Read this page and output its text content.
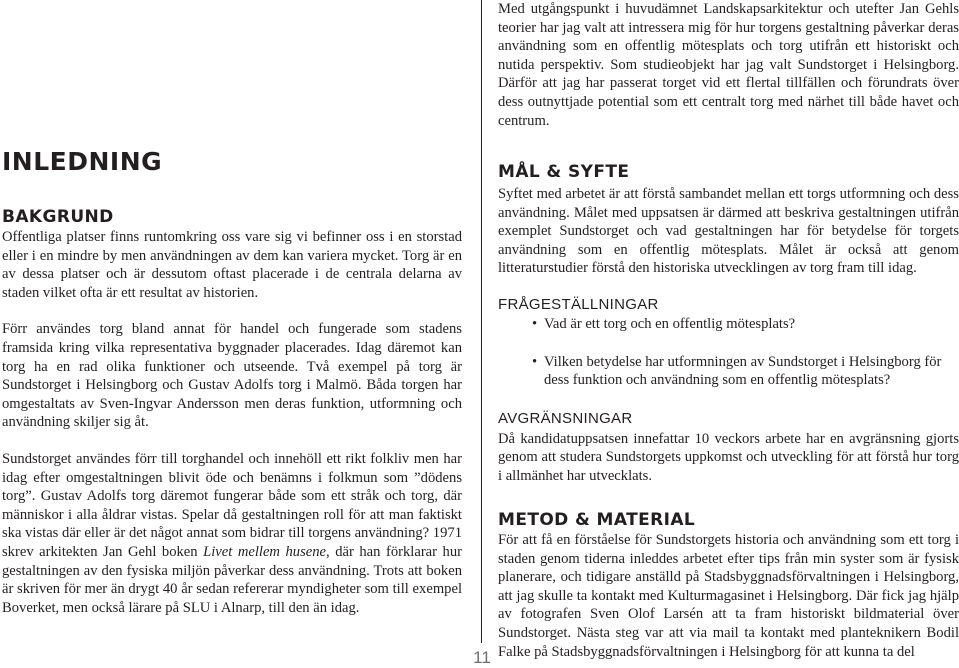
Med utgångspunkt i huvudämnet Landskapsarkitektur och utefter Jan Gehls teorier har jag valt att intressera mig för hur torgens gestaltning påverkar deras användning som en offentlig mötesplats och torg utifrån ett historiskt och nutida perspektiv. Som studieobjekt har jag valt Sundstorget i Helsingborg. Därför att jag har passerat torget vid ett flertal tillfällen och förundrats över dess outnyttjade potential som ett centralt torg med närhet till både havet och centrum.

INLEDNING
BAKGRUND

Offentliga platser finns runtomkring oss vare sig vi befinner oss i en storstad eller i en mindre by men användningen av dem kan variera mycket. Torg är en av dessa platser och är dessutom oftast placerade i de centrala delarna av staden vilket ofta är ett resultat av historien.

Förr användes torg bland annat för handel och fungerade som stadens framsida kring vilka representativa byggnader placerades. Idag däremot kan torg ha en rad olika funktioner och utseende. Två exempel på torg är Sundstorget i Helsingborg och Gustav Adolfs torg i Malmö. Båda torgen har omgestaltats av Sven-Ingvar Andersson men deras funktion, utformning och användning skiljer sig åt.

Sundstorget användes förr till torghandel och innehöll ett rikt folkliv men har idag efter omgestaltningen blivit öde och benämns i folkmun som ”dödens torg”. Gustav Adolfs torg däremot fungerar både som ett stråk och torg, där människor i alla åldrar vistas. Spelar då gestaltningen roll för att man faktiskt ska vistas där eller är det något annat som bidrar till torgens användning? 1971 skrev arkitekten Jan Gehl boken Livet mellem husene, där han förklarar hur gestaltningen av den fysiska miljön påverkar dess användning. Trots att boken är skriven för mer än drygt 40 år sedan refererar myndigheter som till exempel Boverket, men också lärare på SLU i Alnarp, till den än idag.

MÅL & SYFTE

Syftet med arbetet är att förstå sambandet mellan ett torgs utformning och dess användning. Målet med uppsatsen är därmed att beskriva gestaltningen utifrån exemplet Sundstorget och vad gestaltningen har för betydelse för torgets användning som en offentlig mötesplats. Målet är också att genom litteraturstudier förstå den historiska utvecklingen av torg fram till idag.

FRÅGESTÄLLNINGAR
• Vad är ett torg och en offentlig mötesplats?
• Vilken betydelse har utformningen av Sundstorget i Helsingborg för dess funktion och användning som en offentlig mötesplats?
AVGRÄNSNINGAR

Då kandidatuppsatsen innefattar 10 veckors arbete har en avgränsning gjorts genom att studera Sundstorgets uppkomst och utveckling för att förstå hur torg i allmänhet har utvecklats.

METOD & MATERIAL

För att få en förståelse för Sundstorgets historia och användning som ett torg i staden genom tiderna inleddes arbetet efter tips från min syster som är fysisk planerare, och tidigare anställd på Stadsbyggnadsförvaltningen i Helsingborg, att jag skulle ta kontakt med Kulturmagasinet i Helsingborg. Där fick jag hjälp av fotografen Sven Olof Larsén att ta fram historiskt bildmaterial över Sundstorget. Nästa steg var att via mail ta kontakt med planteknikern Bodil Falke på Stadsbyggnadsförvaltningen i Helsingborg för att kunna ta del

11
